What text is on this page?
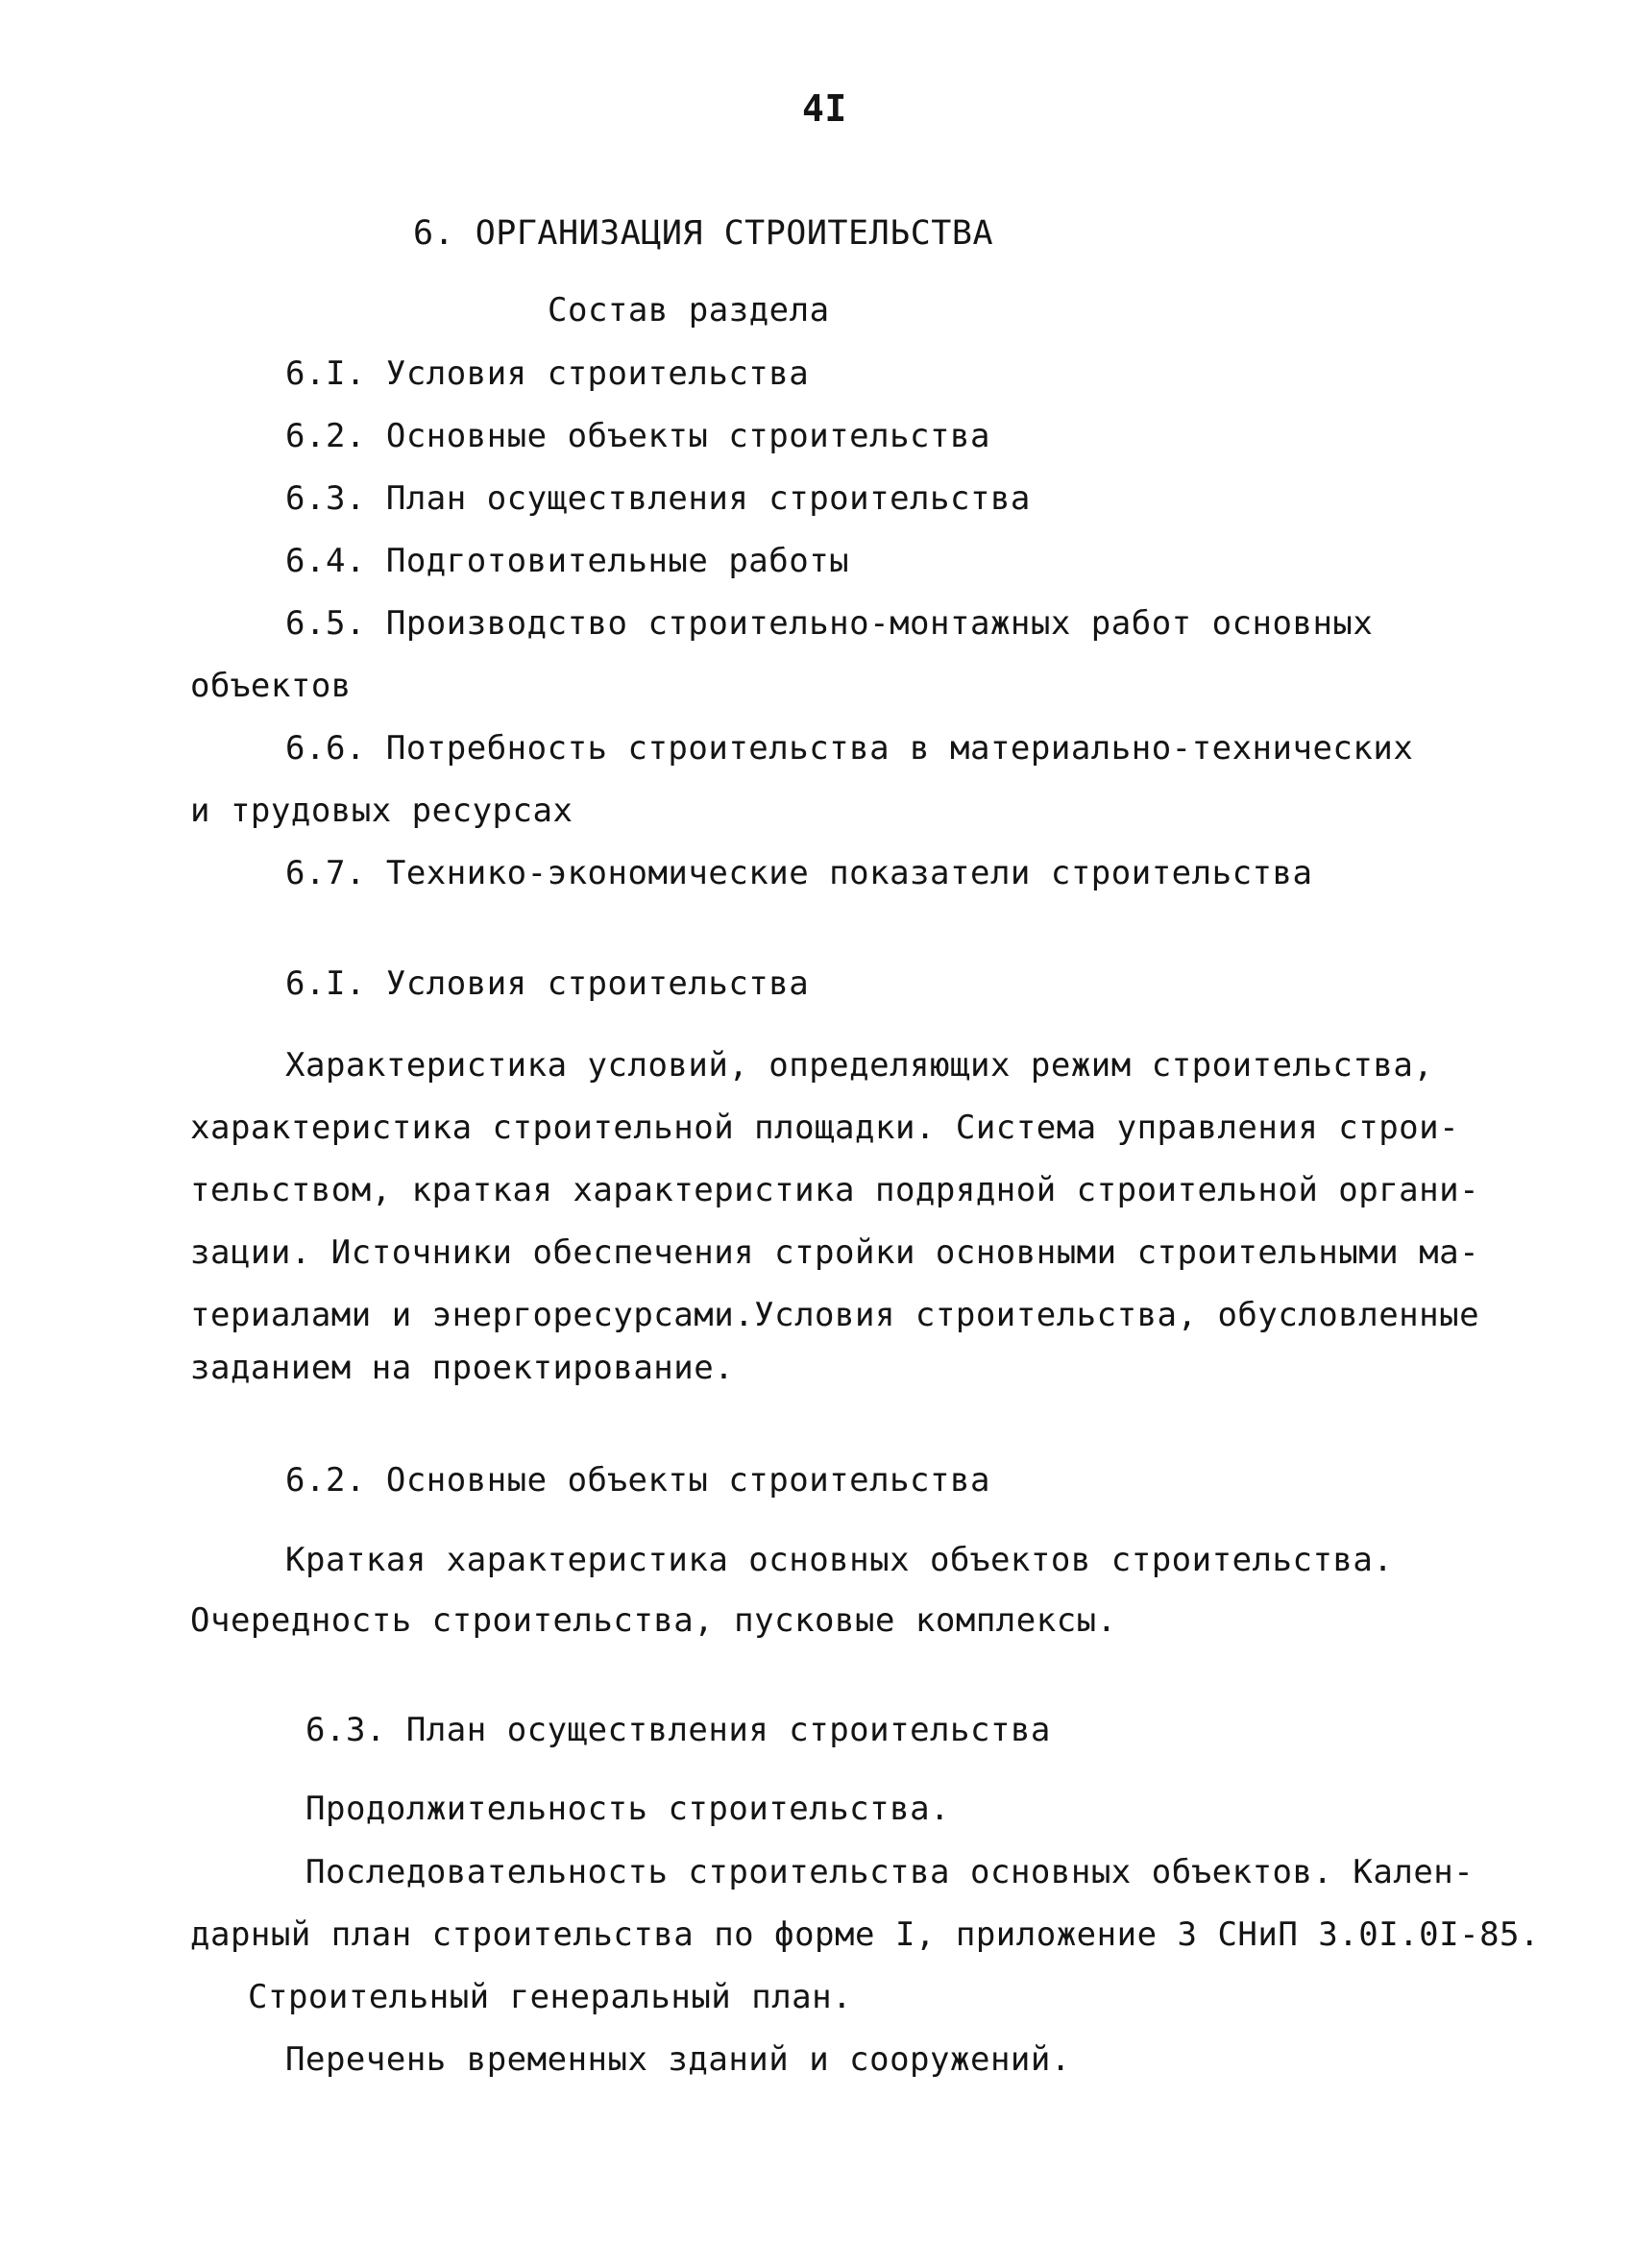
4I
6. ОРГАНИЗАЦИЯ СТРОИТЕЛЬСТВА
Состав раздела
6.I. Условия строительства
6.2. Основные объекты строительства
6.3. План осуществления строительства
6.4. Подготовительные работы
6.5. Производство строительно-монтажных работ основных
объектов
6.6. Потребность строительства в материально-технических
и трудовых ресурсах
6.7. Технико-экономические показатели строительства
6.I. Условия строительства
Характеристика условий, определяющих режим строительства,
характеристика строительной площадки. Система управления строи-
тельством, краткая характеристика подрядной строительной органи-
зации. Источники обеспечения стройки основными строительными ма-
териалами и энергоресурсами.Условия строительства, обусловленные
заданием на проектирование.
6.2. Основные объекты строительства
Краткая характеристика основных объектов строительства.
Очередность строительства, пусковые комплексы.
6.3. План осуществления строительства
Продолжительность строительства.
Последовательность строительства основных объектов. Кален-
дарный план строительства по форме I, приложение 3 СНиП 3.0I.0I-85.
Строительный генеральный план.
Перечень временных зданий и сооружений.
